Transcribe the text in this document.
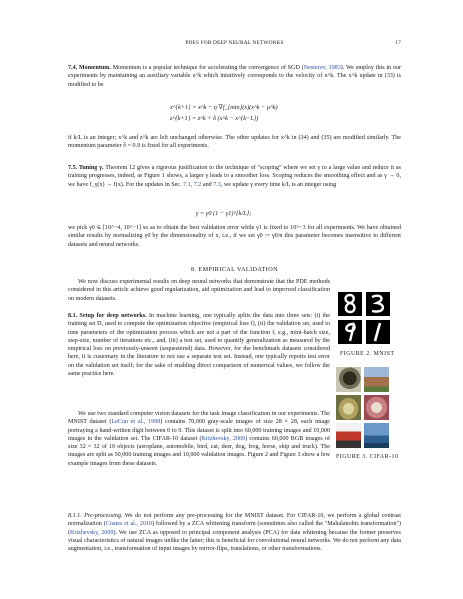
PDES FOR DEEP NEURAL NETWORKS	17
7.4. Momentum. Momentum is a popular technique for accelerating the convergence of SGD (Nesterov, 1983). We employ this in our experiments by maintaining an auxiliary variable z^k which intuitively corresponds to the velocity of x^k. The x^k update in (33) is modified to be
x^{k+1} = x^k − η ∇f_{min}(x)(x^k − μ^k)
z^{k+1} = z^k + δ (x^k − x^{k−L})
if k/L is an integer; x^k and z^k are left unchanged otherwise. The other updates for x^k in (34) and (35) are modified similarly. The momentum parameter δ = 0.9 is fixed for all experiments.
7.5. Tuning γ. Theorem 12 gives a rigorous justification to the technique of "scoping" where we set γ to a large value and reduce it as training progresses, indeed, as Figure 1 shows, a larger γ leads to a smoother loss. Scoping reduces the smoothing effect and as γ → 0, we have f_γ(x) → f(x). For the updates in Sec. 7.1, 7.2 and 7.3, we update γ every time k/L is an integer using
γ = γ0 (1 − γ1)^{k/L};
we pick γ0 ∈ [10^−4, 10^−1] so as to obtain the best validation error while γ1 is fixed to 10^−3 for all experiments. We have obtained similar results by normalizing γ0 by the dimensionality of x, i.e., if we set γ0 := γ0/n this parameter becomes insensitive to different datasets and neural networks.
8. EMPIRICAL VALIDATION
We now discuss experimental results on deep neural networks that demonstrate that the PDE methods considered in this article achieve good regularization, aid optimization and lead to improved classification on modern datasets.
8.1. Setup for deep networks. In machine learning, one typically splits the data into three sets: (i) the training set D, used to compute the optimization objective (empirical loss f), (ii) the validation set, used to tune parameters of the optimization process which are not a part of the function f, e.g., mini-batch size, step-size, number of iterations etc., and, (iii) a test set, used to quantify generalization as measured by the empirical loss on previously-unseen (sequestered) data. However, for the benchmark datasets considered here, it is customary in the literature to not use a separate test set. Instead, one typically reports test error on the validation set itself; for the sake of enabling direct comparison of numerical values, we follow the same practice here.
We use two standard computer vision datasets for the task image classification in our experiments. The MNIST dataset (LeCun et al., 1998) contains 70,000 gray-scale images of size 28 × 28, each image portraying a hand-written digit between 0 to 9. This dataset is split into 60,000 training images and 10,000 images in the validation set. The CIFAR-10 dataset (Krizhevsky, 2009) contains 60,000 RGB images of size 32 × 32 of 10 objects (aeroplane, automobile, bird, cat, deer, dog, frog, horse, ship and truck). The images are split as 50,000 training images and 10,000 validation images. Figure 2 and Figure 3 show a few example images from these datasets.
8.1.1. Pre-processing. We do not perform any pre-processing for the MNIST dataset. For CIFAR-10, we perform a global contrast normalization (Coates et al., 2010) followed by a ZCA whitening transform (sometimes also called the "Mahalanobis transformation") (Krizhevsky, 2009). We use ZCA as opposed to principal component analysis (PCA) for data whitening because the former preserves visual characteristics of natural images unlike the latter; this is beneficial for convolutional neural networks. We do not perform any data augmentation, i.e., transformation of input images by mirror-flips, translations, or other transformations.
FIGURE 2. MNIST
FIGURE 3. CIFAR-10
